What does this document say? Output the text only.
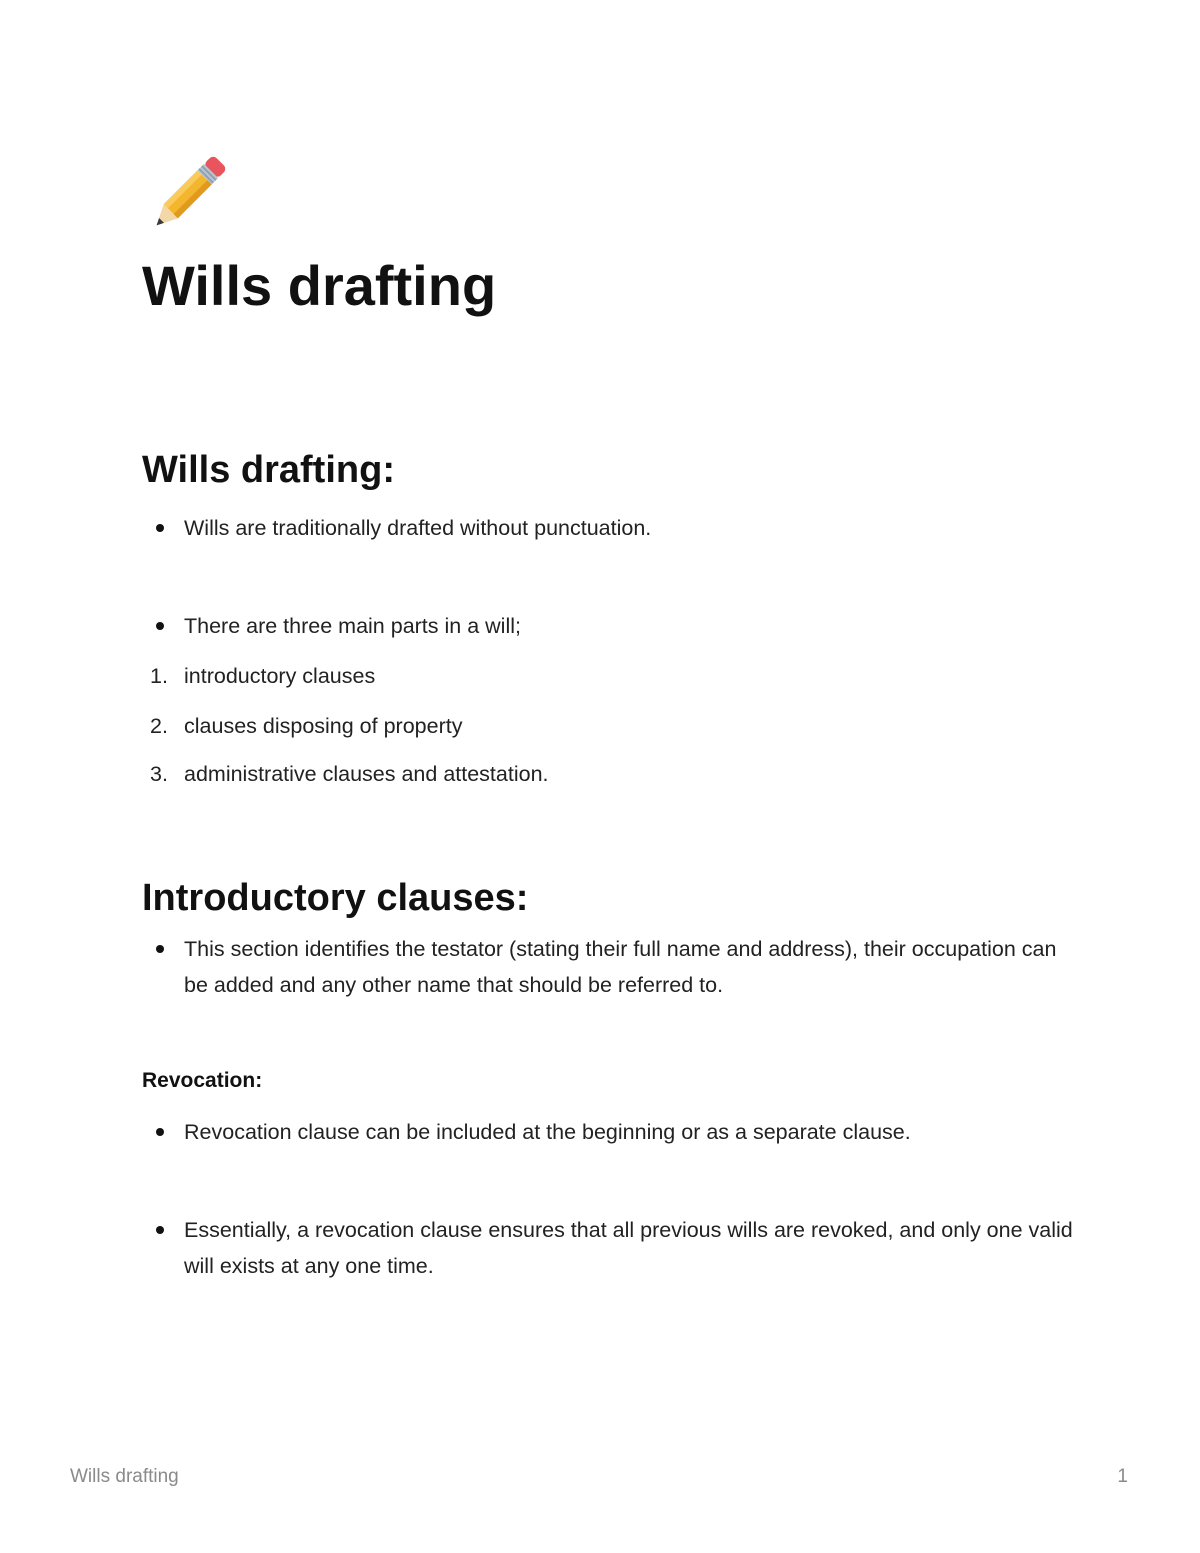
Wills drafting
Wills drafting:
Wills are traditionally drafted without punctuation.
There are three main parts in a will;
1. introductory clauses
2. clauses disposing of property
3. administrative clauses and attestation.
Introductory clauses:
This section identifies the testator (stating their full name and address), their occupation can be added and any other name that should be referred to.
Revocation:
Revocation clause can be included at the beginning or as a separate clause.
Essentially, a revocation clause ensures that all previous wills are revoked, and only one valid will exists at any one time.
Wills drafting	1
